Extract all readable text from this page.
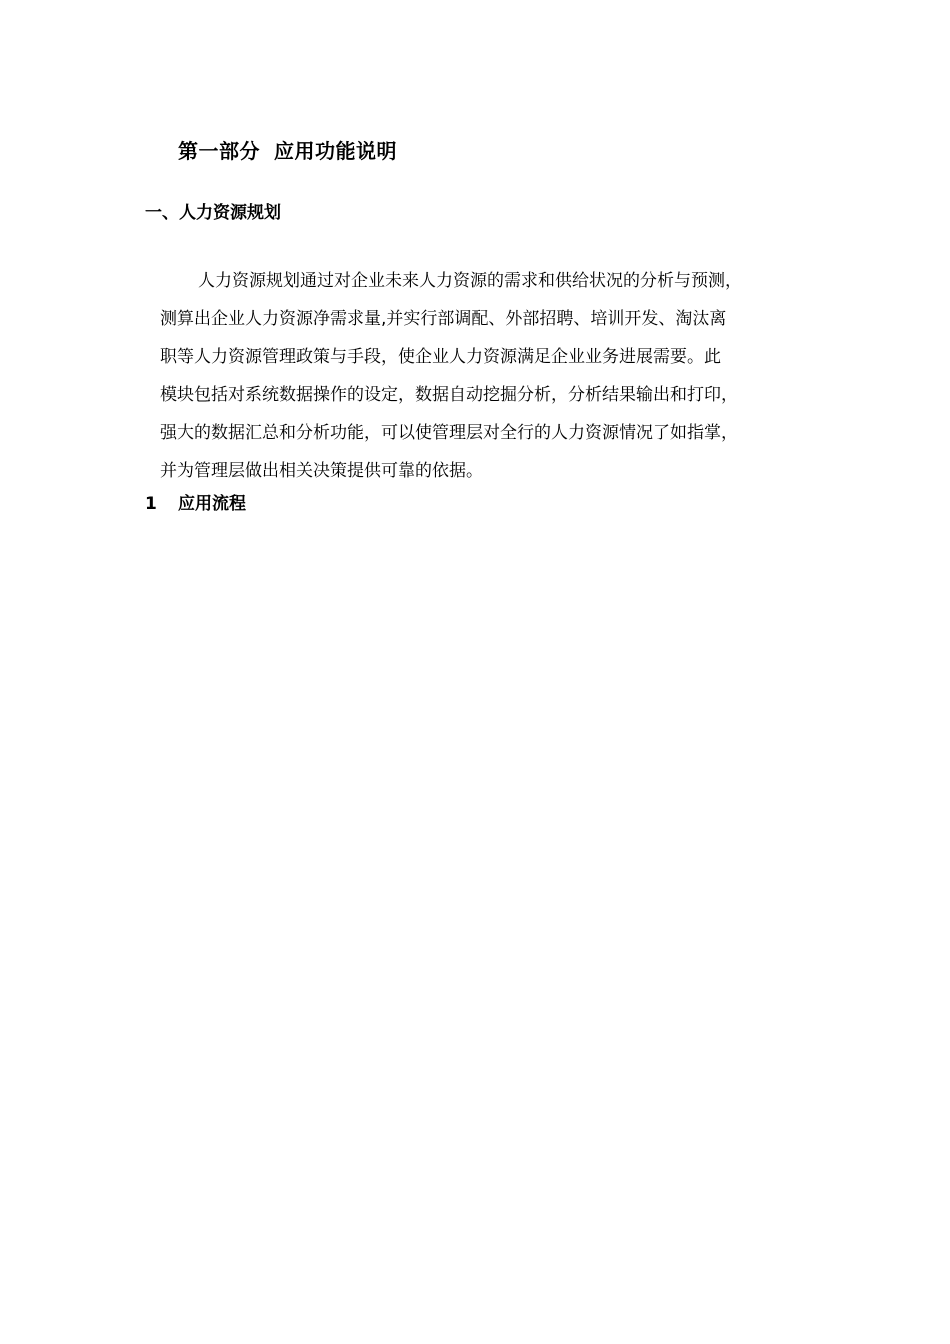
第一部分 应用功能说明
一、人力资源规划
人力资源规划通过对企业未来人力资源的需求和供给状况的分析与预测，
测算出企业人力资源净需求量,并实行部调配、外部招聘、培训开发、淘汰离
职等人力资源管理政策与手段，使企业人力资源满足企业业务进展需要。此
模块包括对系统数据操作的设定，数据自动挖掘分析，分析结果输出和打印，
强大的数据汇总和分析功能，可以使管理层对全行的人力资源情况了如指掌，
并为管理层做出相关决策提供可靠的依据。
1 应用流程
